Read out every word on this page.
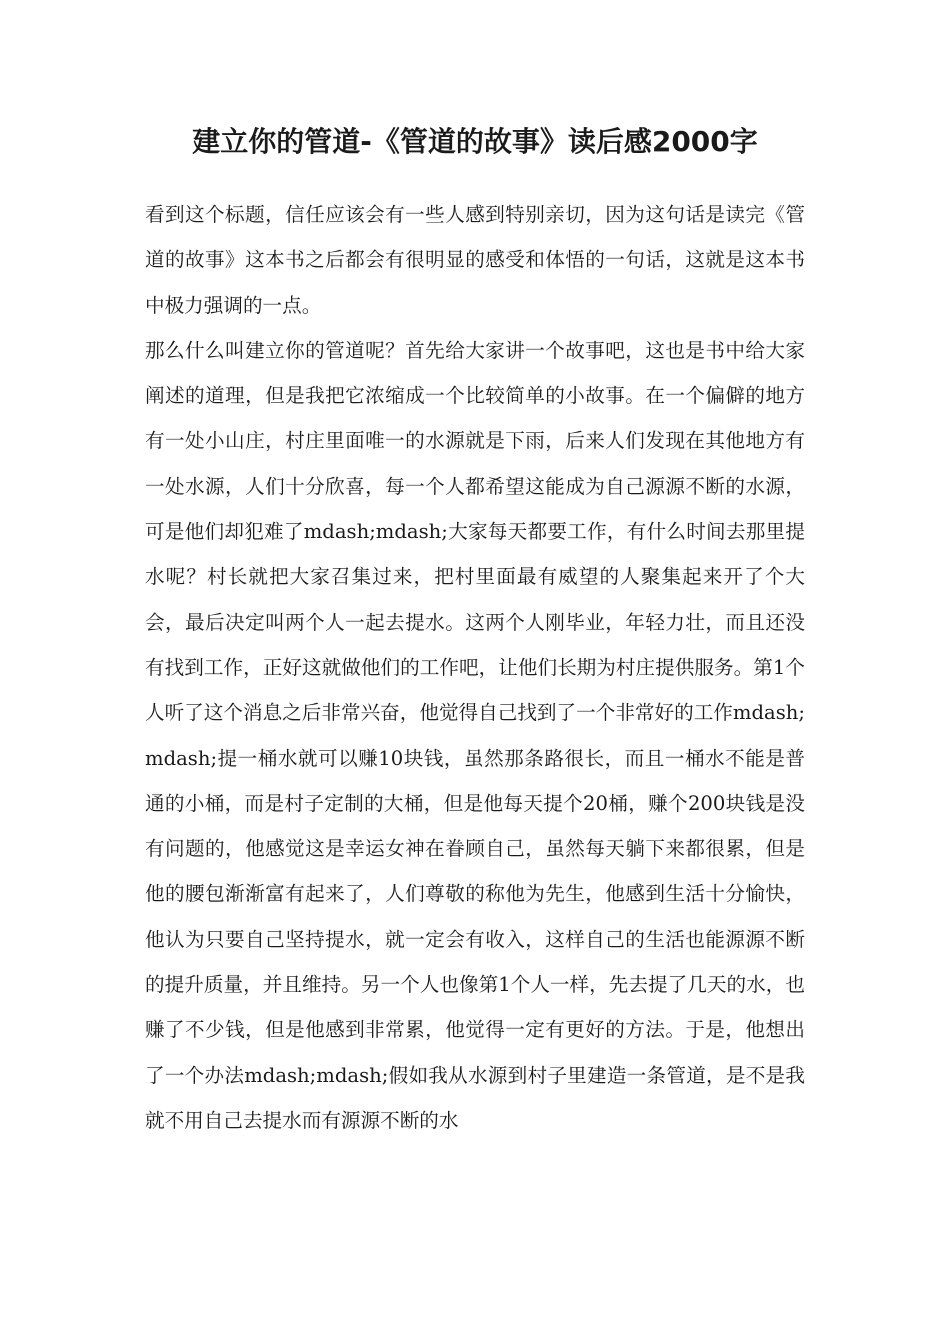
建立你的管道-《管道的故事》读后感2000字

看到这个标题，信任应该会有一些人感到特别亲切，因为这句话是读完《管道的故事》这本书之后都会有很明显的感受和体悟的一句话，这就是这本书中极力强调的一点。

那么什么叫建立你的管道呢？首先给大家讲一个故事吧，这也是书中给大家阐述的道理，但是我把它浓缩成一个比较简单的小故事。在一个偏僻的地方有一处小山庄，村庄里面唯一的水源就是下雨，后来人们发现在其他地方有一处水源，人们十分欣喜，每一个人都希望这能成为自己源源不断的水源，可是他们却犯难了mdash;mdash;大家每天都要工作，有什么时间去那里提水呢？村长就把大家召集过来，把村里面最有威望的人聚集起来开了个大会，最后决定叫两个人一起去提水。这两个人刚毕业，年轻力壮，而且还没有找到工作，正好这就做他们的工作吧，让他们长期为村庄提供服务。第1个人听了这个消息之后非常兴奋，他觉得自己找到了一个非常好的工作mdash;mdash;提一桶水就可以赚10块钱，虽然那条路很长，而且一桶水不能是普通的小桶，而是村子定制的大桶，但是他每天提个20桶，赚个200块钱是没有问题的，他感觉这是幸运女神在眷顾自己，虽然每天躺下来都很累，但是他的腰包渐渐富有起来了，人们尊敬的称他为先生，他感到生活十分愉快，他认为只要自己坚持提水，就一定会有收入，这样自己的生活也能源源不断的提升质量，并且维持。另一个人也像第1个人一样，先去提了几天的水，也赚了不少钱，但是他感到非常累，他觉得一定有更好的方法。于是，他想出了一个办法mdash;mdash;假如我从水源到村子里建造一条管道，是不是我就不用自己去提水而有源源不断的水
